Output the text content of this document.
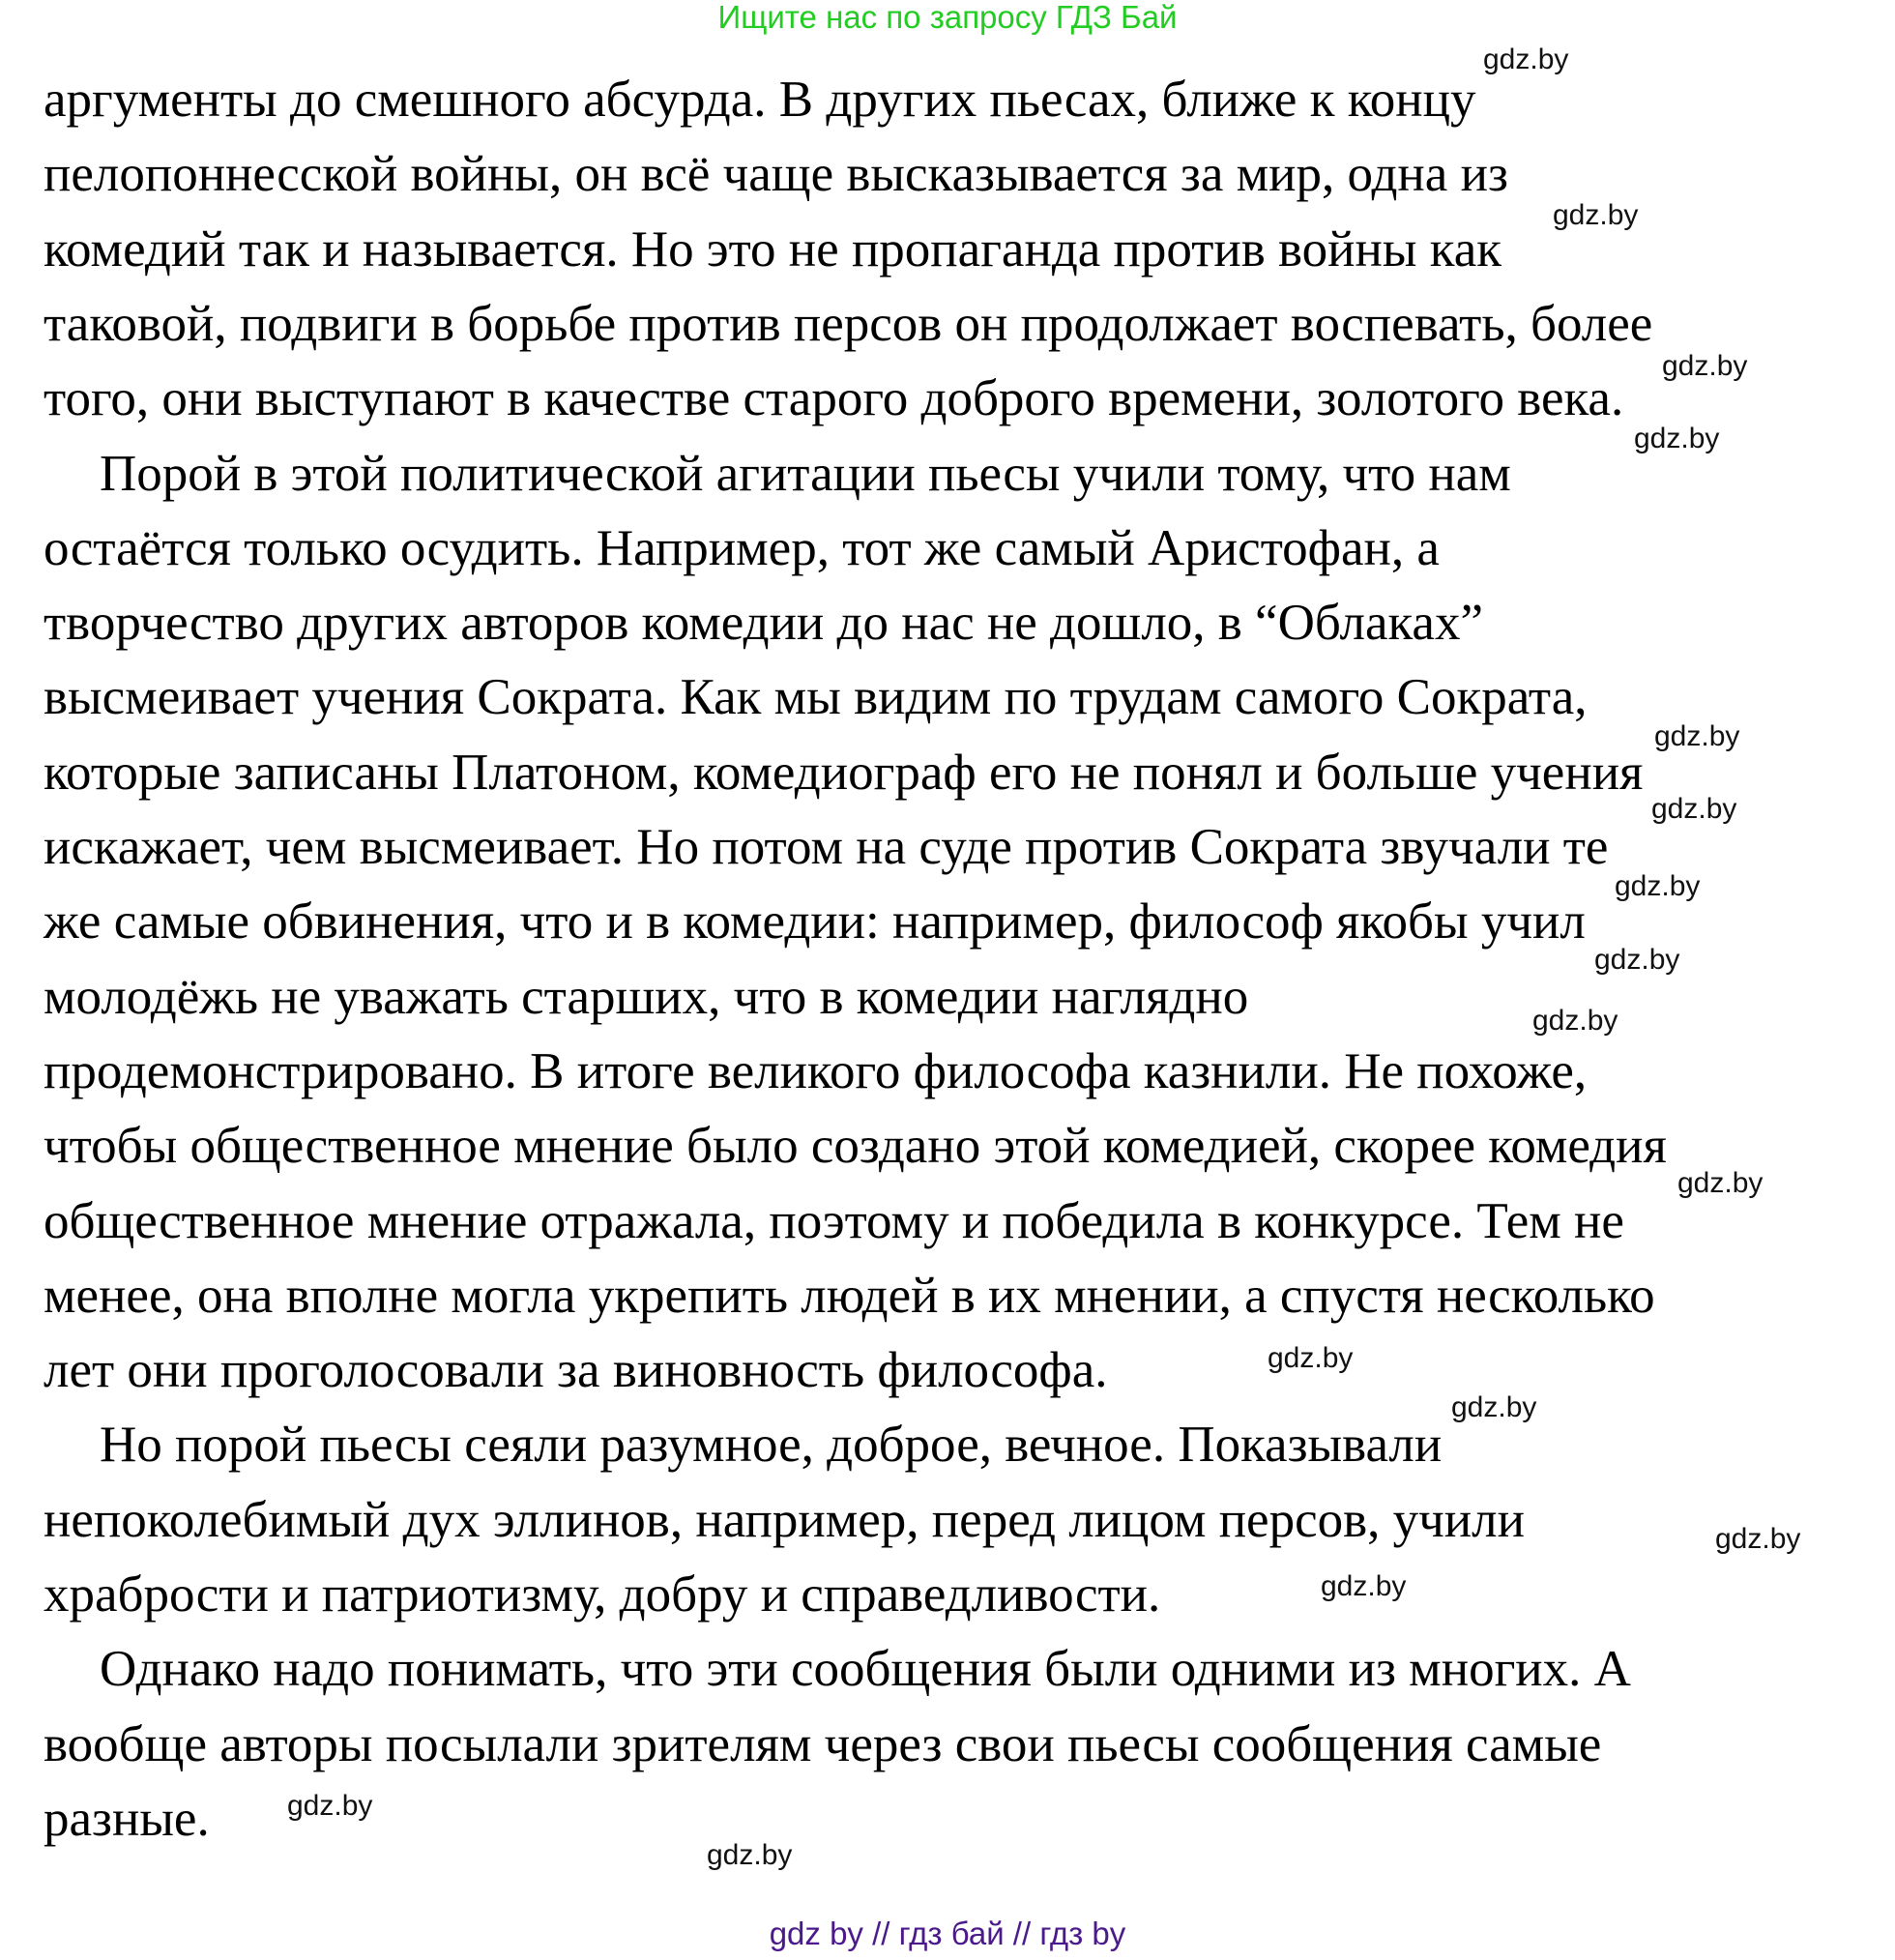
Ищите нас по запросу ГДЗ Бай
аргументы до смешного абсурда. В других пьесах, ближе к концу
пелопоннесской войны, он всё чаще высказывается за мир, одна из
комедий так и называется. Но это не пропаганда против войны как
таковой, подвиги в борьбе против персов он продолжает воспевать, более
того, они выступают в качестве старого доброго времени, золотого века.
Порой в этой политической агитации пьесы учили тому, что нам
остаётся только осудить. Например, тот же самый Аристофан, а
творчество других авторов комедии до нас не дошло, в “Облаках”
высмеивает учения Сократа. Как мы видим по трудам самого Сократа,
которые записаны Платоном, комедиограф его не понял и больше учения
искажает, чем высмеивает. Но потом на суде против Сократа звучали те
же самые обвинения, что и в комедии: например, философ якобы учил
молодёжь не уважать старших, что в комедии наглядно
продемонстрировано. В итоге великого философа казнили. Не похоже,
чтобы общественное мнение было создано этой комедией, скорее комедия
общественное мнение отражала, поэтому и победила в конкурсе. Тем не
менее, она вполне могла укрепить людей в их мнении, а спустя несколько
лет они проголосовали за виновность философа.
Но порой пьесы сеяли разумное, доброе, вечное. Показывали
непоколебимый дух эллинов, например, перед лицом персов, учили
храбрости и патриотизму, добру и справедливости.
Однако надо понимать, что эти сообщения были одними из многих. А
вообще авторы посылали зрителям через свои пьесы сообщения самые
разные.
gdz.by
gdz.by
gdz.by
gdz.by
gdz.by
gdz.by
gdz.by
gdz.by
gdz.by
gdz.by
gdz.by
gdz.by
gdz.by
gdz.by
gdz.by
gdz.by
gdz by // гдз бай // гдз by
